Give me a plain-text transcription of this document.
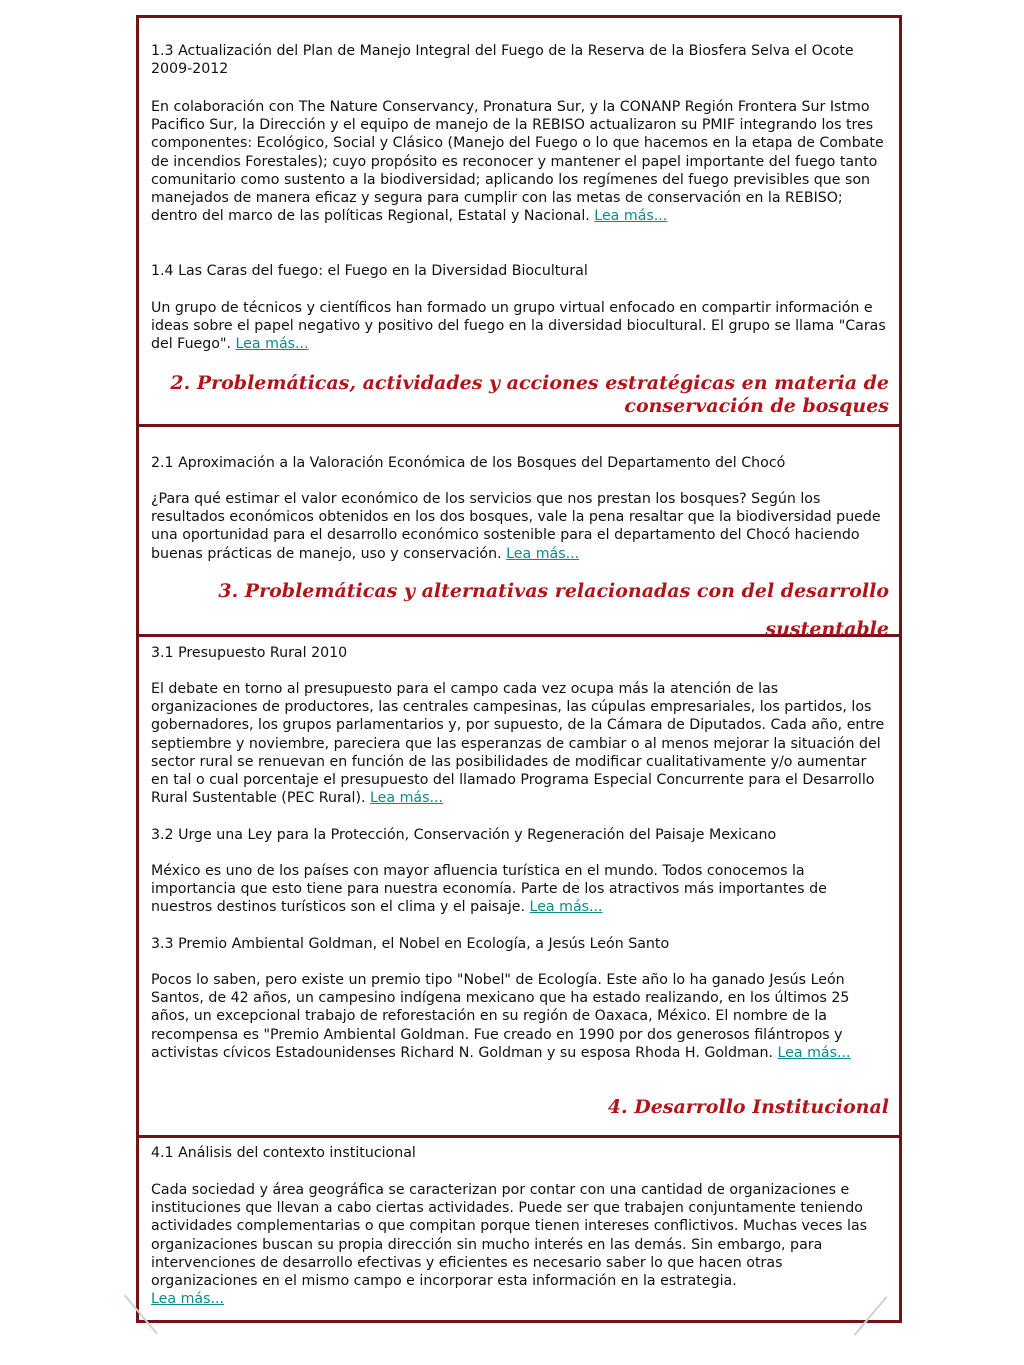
1.3 Actualización del Plan de Manejo Integral del Fuego de la Reserva de la Biosfera Selva el Ocote 2009-2012

En colaboración con The Nature Conservancy, Pronatura Sur, y la CONANP Región Frontera Sur Istmo Pacifico Sur, la Dirección y el equipo de manejo de la REBISO actualizaron su PMIF integrando los tres componentes: Ecológico, Social y Clásico (Manejo del Fuego o lo que hacemos en la etapa de Combate de incendios Forestales); cuyo propósito es reconocer y mantener el papel importante del fuego tanto comunitario como sustento a la biodiversidad; aplicando los regímenes del fuego previsibles que son manejados de manera eficaz y segura para cumplir con las metas de conservación en la REBISO; dentro del marco de las políticas Regional, Estatal y Nacional. Lea más...

1.4 Las Caras del fuego: el Fuego en la Diversidad Biocultural

Un grupo de técnicos y científicos han formado un grupo virtual enfocado en compartir información e ideas sobre el papel negativo y positivo del fuego en la diversidad biocultural. El grupo se llama "Caras del Fuego". Lea más...

2. Problemáticas, actividades y acciones estratégicas en materia de conservación de bosques

2.1 Aproximación a la Valoración Económica de los Bosques del Departamento del Chocó

¿Para qué estimar el valor económico de los servicios que nos prestan los bosques? Según los resultados económicos obtenidos en los dos bosques, vale la pena resaltar que la biodiversidad puede una oportunidad para el desarrollo económico sostenible para el departamento del Chocó haciendo buenas prácticas de manejo, uso y conservación. Lea más...

3. Problemáticas y alternativas relacionadas con del desarrollo
sustentable

3.1 Presupuesto Rural 2010

El debate en torno al presupuesto para el campo cada vez ocupa más la atención de las organizaciones de productores, las centrales campesinas, las cúpulas empresariales, los partidos, los gobernadores, los grupos parlamentarios y, por supuesto, de la Cámara de Diputados. Cada año, entre septiembre y noviembre, pareciera que las esperanzas de cambiar o al menos mejorar la situación del sector rural se renuevan en función de las posibilidades de modificar cualitativamente y/o aumentar en tal o cual porcentaje el presupuesto del llamado Programa Especial Concurrente para el Desarrollo Rural Sustentable (PEC Rural). Lea más...

3.2 Urge una Ley para la Protección, Conservación y Regeneración del Paisaje Mexicano

México es uno de los países con mayor afluencia turística en el mundo. Todos conocemos la importancia que esto tiene para nuestra economía. Parte de los atractivos más importantes de nuestros destinos turísticos son el clima y el paisaje. Lea más...

3.3 Premio Ambiental Goldman, el Nobel en Ecología, a Jesús León Santo

Pocos lo saben, pero existe un premio tipo "Nobel" de Ecología. Este año lo ha ganado Jesús León Santos, de 42 años, un campesino indígena mexicano que ha estado realizando, en los últimos 25 años, un excepcional trabajo de reforestación en su región de Oaxaca, México. El nombre de la recompensa es "Premio Ambiental Goldman. Fue creado en 1990 por dos generosos filántropos y activistas cívicos Estadounidenses Richard N. Goldman y su esposa Rhoda H. Goldman. Lea más...

4. Desarrollo Institucional

4.1 Análisis del contexto institucional

Cada sociedad y área geográfica se caracterizan por contar con una cantidad de organizaciones e instituciones que llevan a cabo ciertas actividades. Puede ser que trabajen conjuntamente teniendo actividades complementarias o que compitan porque tienen intereses conflictivos. Muchas veces las organizaciones buscan su propia dirección sin mucho interés en las demás. Sin embargo, para intervenciones de desarrollo efectivas y eficientes es necesario saber lo que hacen otras organizaciones en el mismo campo e incorporar esta información en la estrategia.
Lea más...
